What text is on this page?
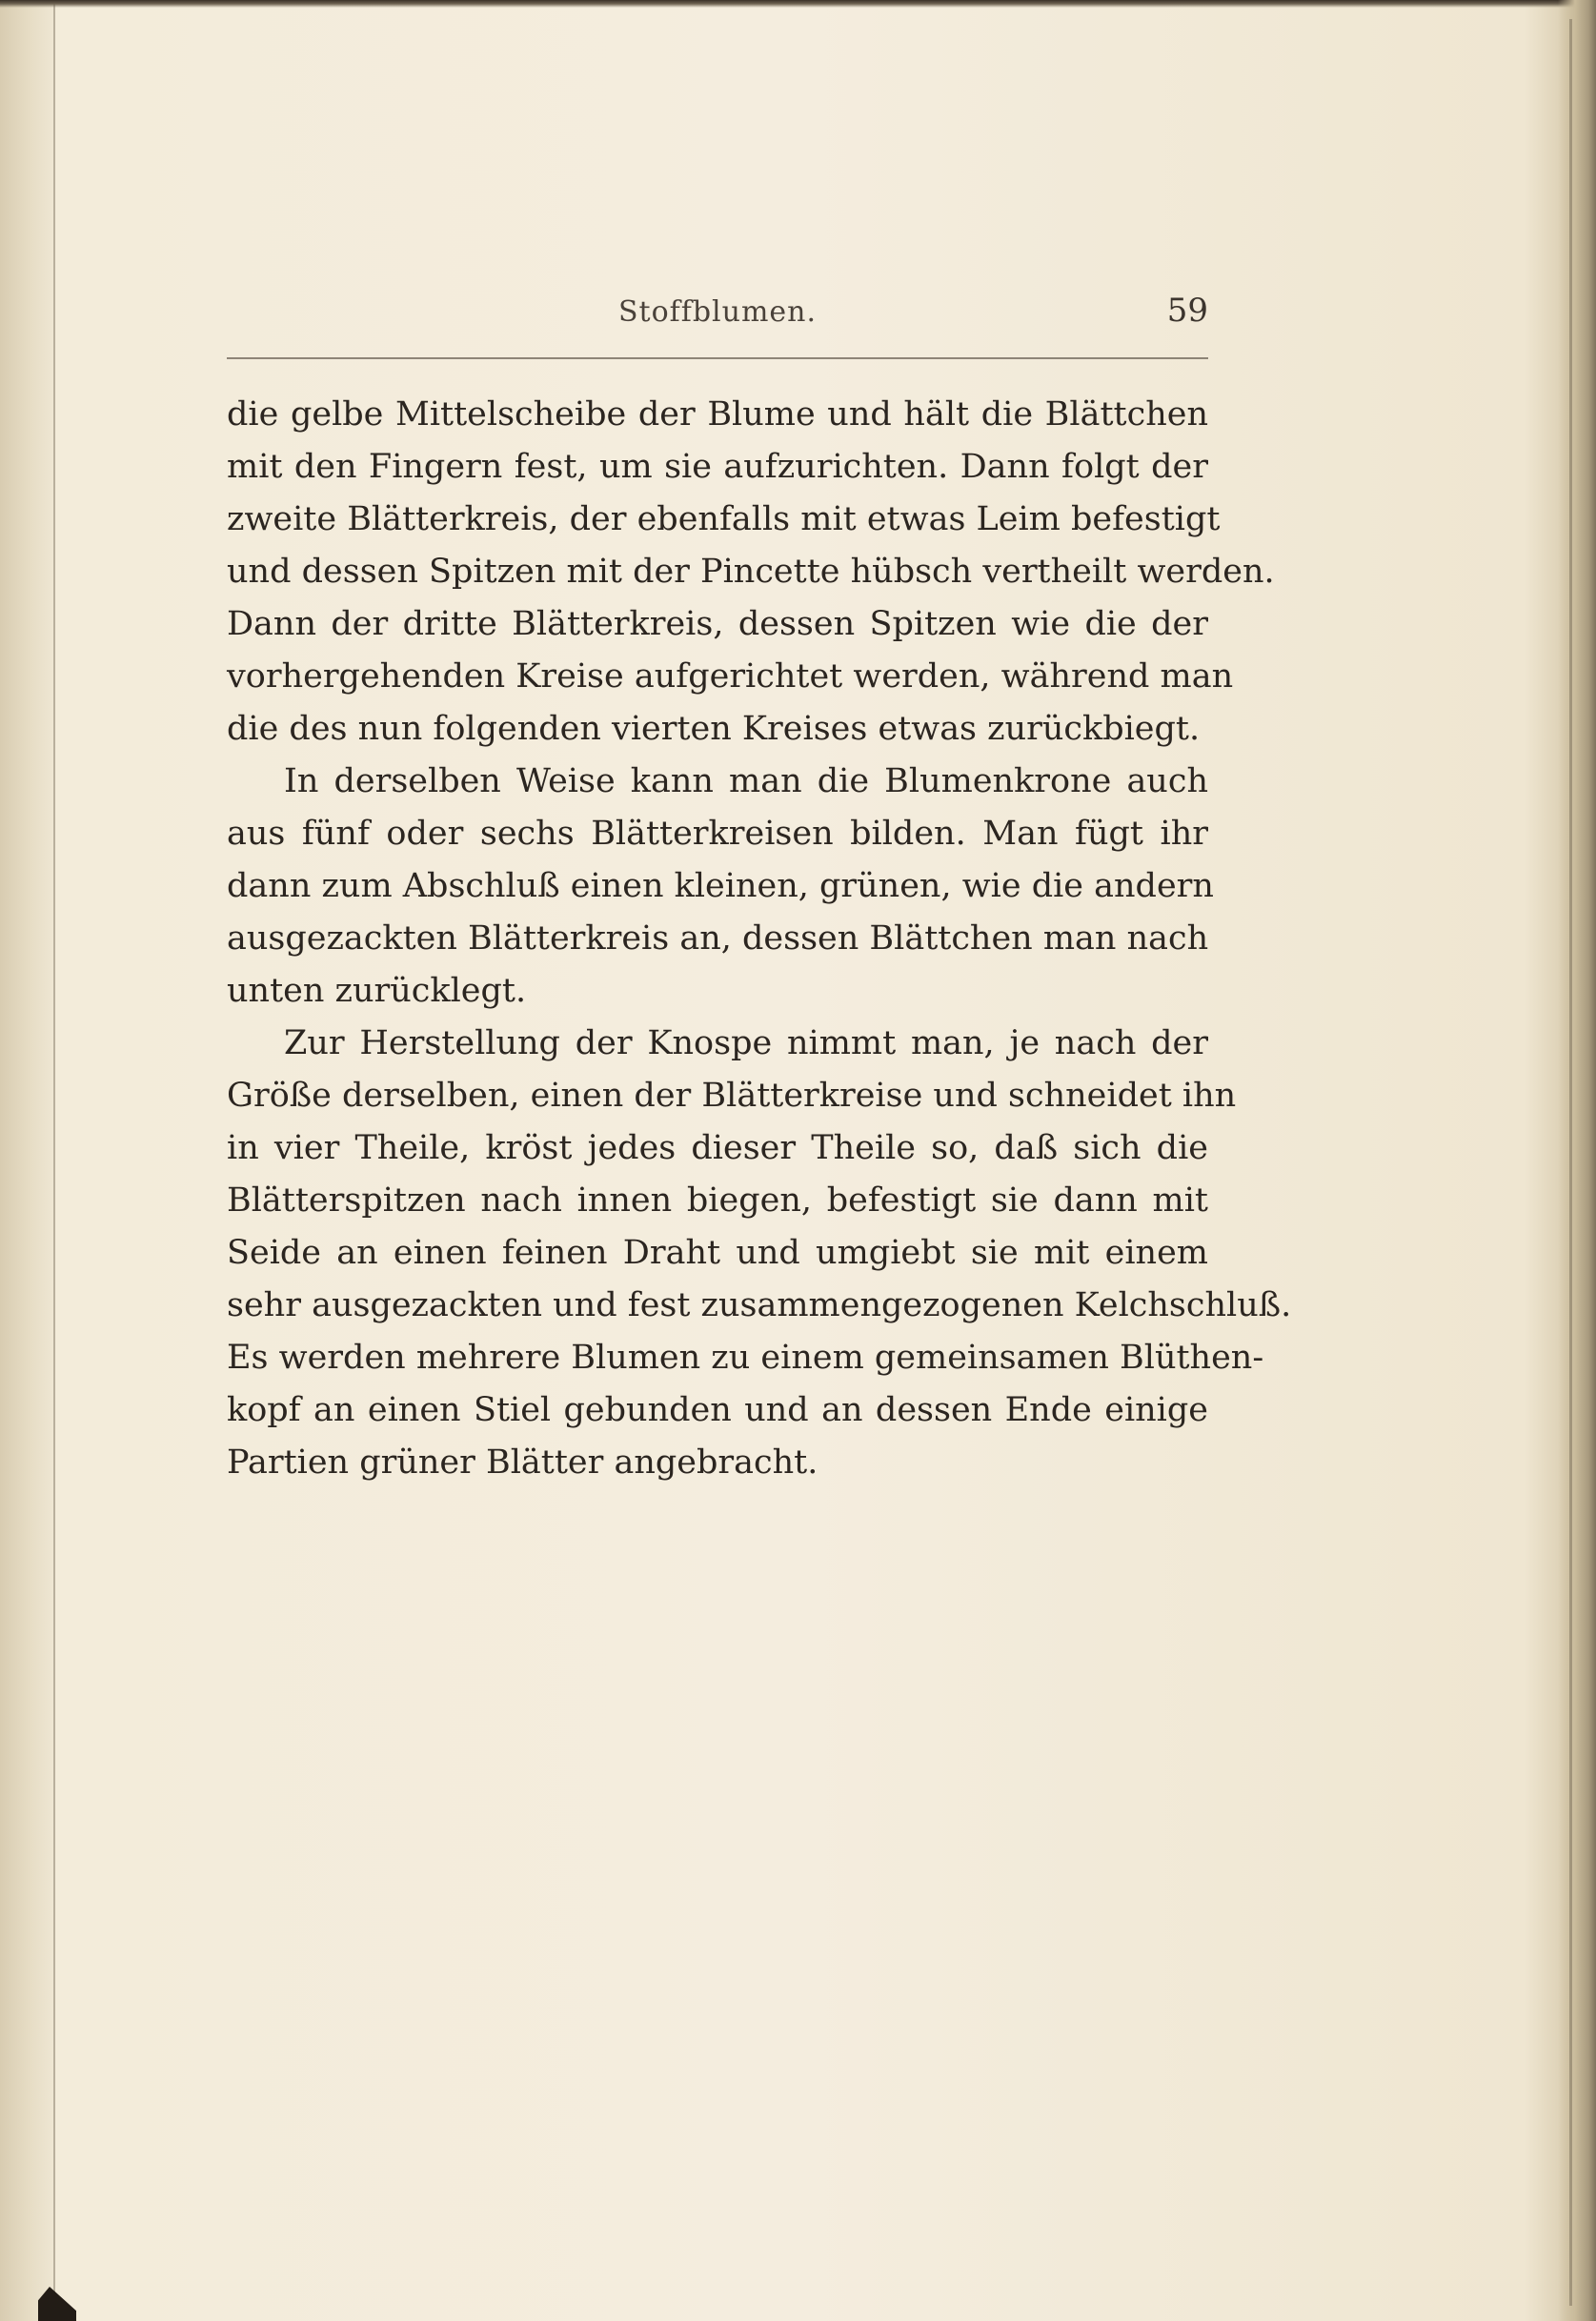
Stoffblumen.	59
die gelbe Mittelscheibe der Blume und hält die Blättchen
mit den Fingern fest, um sie aufzurichten. Dann folgt der
zweite Blätterkreis, der ebenfalls mit etwas Leim befestigt
und dessen Spitzen mit der Pincette hübsch vertheilt werden.
Dann der dritte Blätterkreis, dessen Spitzen wie die der
vorhergehenden Kreise aufgerichtet werden, während man
die des nun folgenden vierten Kreises etwas zurückbiegt.
In derselben Weise kann man die Blumenkrone auch
aus fünf oder sechs Blätterkreisen bilden. Man fügt ihr
dann zum Abschluß einen kleinen, grünen, wie die andern
ausgezackten Blätterkreis an, dessen Blättchen man nach
unten zurücklegt.
Zur Herstellung der Knospe nimmt man, je nach der
Größe derselben, einen der Blätterkreise und schneidet ihn
in vier Theile, kröst jedes dieser Theile so, daß sich die
Blätterspitzen nach innen biegen, befestigt sie dann mit
Seide an einen feinen Draht und umgiebt sie mit einem
sehr ausgezackten und fest zusammengezogenen Kelchschluß.
Es werden mehrere Blumen zu einem gemeinsamen Blüthen-
kopf an einen Stiel gebunden und an dessen Ende einige
Partien grüner Blätter angebracht.
